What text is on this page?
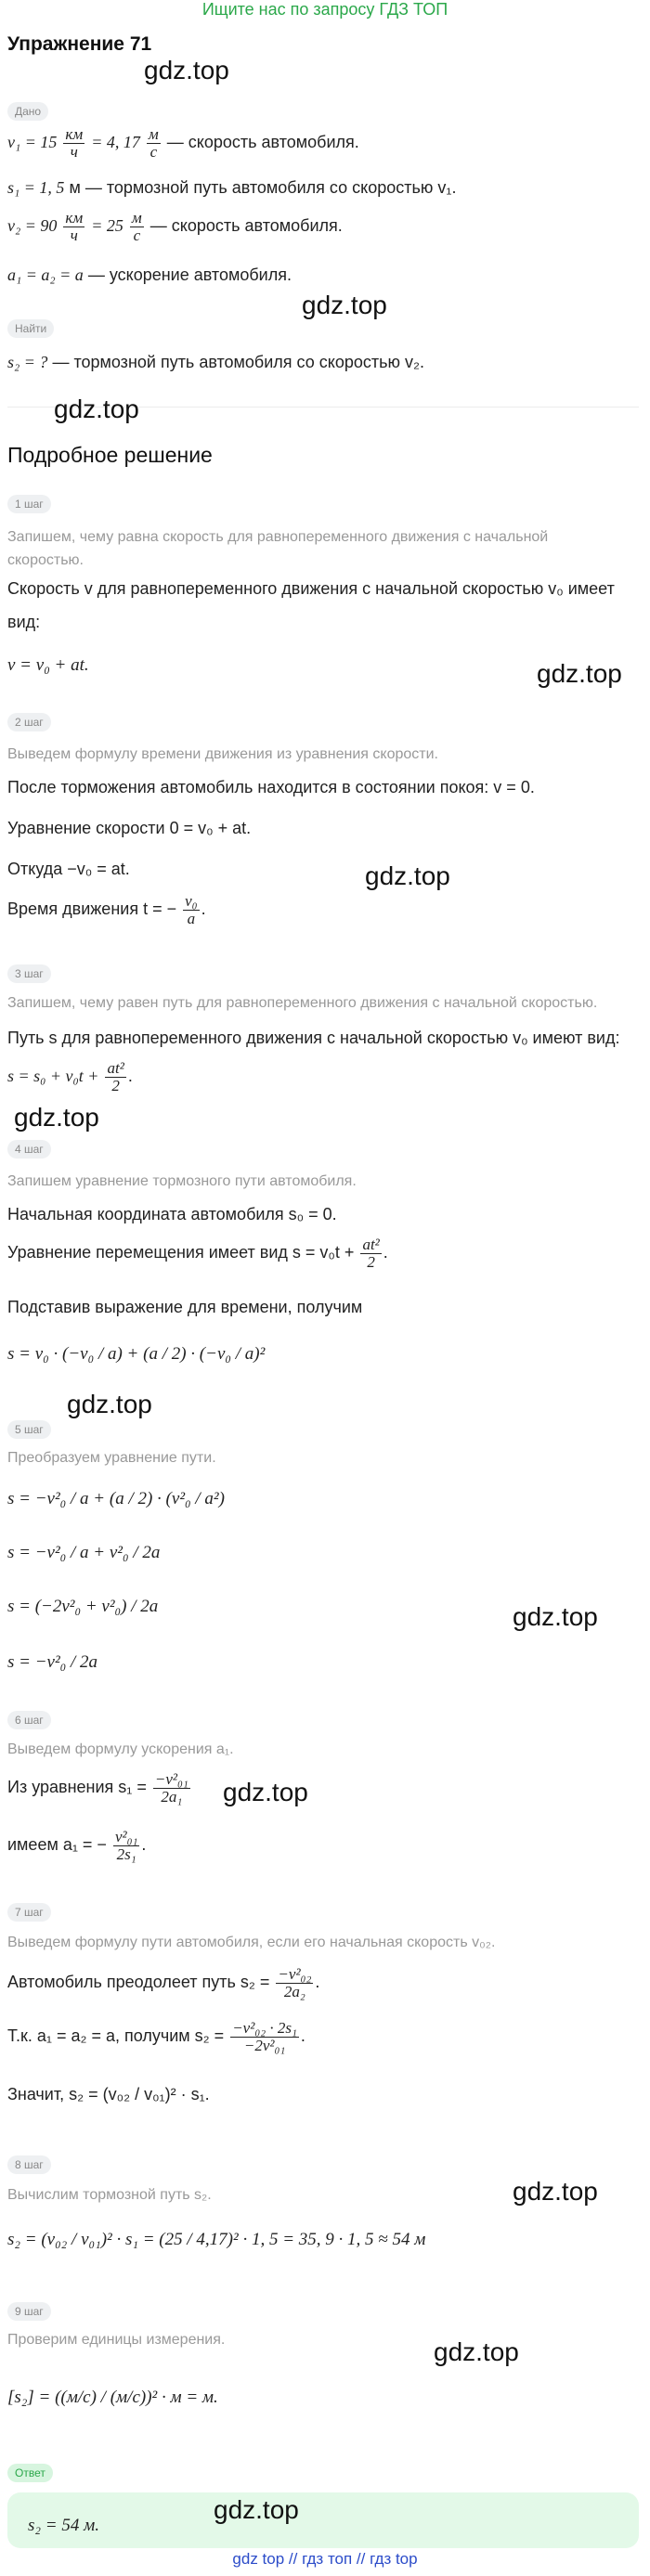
Ищите нас по запросу ГДЗ ТОП
Упражнение 71
gdz.top
Дано
$v_1 = 15 \frac{км}{ч} = 4$, $17 \frac{м}{с}$ — скорость автомобиля.
s₁ = 1, 5 м — тормозной путь автомобиля со скоростью v₁.
$v_2 = 90 \frac{км}{ч} = 25 \frac{м}{с}$ — скорость автомобиля.
a₁ = a₂ = a — ускорение автомобиля.
gdz.top
Найти
s₂ = ? — тормозной путь автомобиля со скоростью v₂.
gdz.top
Подробное решение
1 шаг
Запишем, чему равна скорость для равнопеременного движения с начальной скоростью.
Скорость v для равнопеременного движения с начальной скоростью v₀ имеет
вид:
v = v₀ + at.	gdz.top
2 шаг
Выведем формулу времени движения из уравнения скорости.
После торможения автомобиль находится в состоянии покоя: v = 0.
Уравнение скорости 0 = v₀ + at.
Откуда −v₀ = at.	gdz.top
Время движения t = − $\frac{\text{v₀}}{a}$ .
3 шаг
Запишем, чему равен путь для равнопеременного движения с начальной скоростью.
Путь s для равнопеременного движения с начальной скоростью v₀ имеют вид:
$s = s_0 + v_0t + \frac{\text{at²}}{2}$ .
gdz.top
4 шаг
Запишем уравнение тормозного пути автомобиля.
Начальная координата автомобиля s₀ = 0.
Уравнение перемещения имеет вид $s = v_0t + \frac{\text{at²}}{2}$ .
Подставив выражение для времени, получим
s = v₀ · (−v₀ / a) + (a / 2) · (−v₀ / a)²
gdz.top
5 шаг
Преобразуем уравнение пути.
s = −v²₀ / a + (a / 2) · (v²₀ / a²)
s = −v²₀ / a + v²₀ / 2a
s = (−2v²₀ + v²₀) / 2a	gdz.top
s = −v²₀ / 2a
6 шаг
Выведем формулу ускорения a₁.
Из уравнения $s_1 = \frac{\text{−v²₀₁}}{\text{2a₁}} gdz.top$
имеем a₁ = − $\frac{\text{v²₀₁}}{\text{2s₁}}$ .
7 шаг
Выведем формулу пути автомобиля, если его начальная скорость v₀₂.
Автомобиль преодолеет путь $s_2 = \frac{\text{−v²₀₂}}{\text{2a₂}}$ .
Т.к. a₁ = a₂ = a, получим $s_2 = \frac{\text{−v²₀₂ · 2s₁}}{\text{−2v²₀₁}}$ .
Значит, s₂ = (v₀₂ / v₀₁)² · s₁.
8 шаг
gdz.top
Вычислим тормозной путь s₂.
s₂ = (v₀₂ / v₀₁)² · s₁ = (25 / 4,17)² · 1, 5 = 35, 9 · 1, 5 ≈ 54 м
9 шаг
gdz.top
Проверим единицы измерения.
[s₂] = ((м/с) / (м/с))² · м = м.
Ответ
s₂ = 54 м.
gdz.top
gdz top // гдз топ // гдз top
